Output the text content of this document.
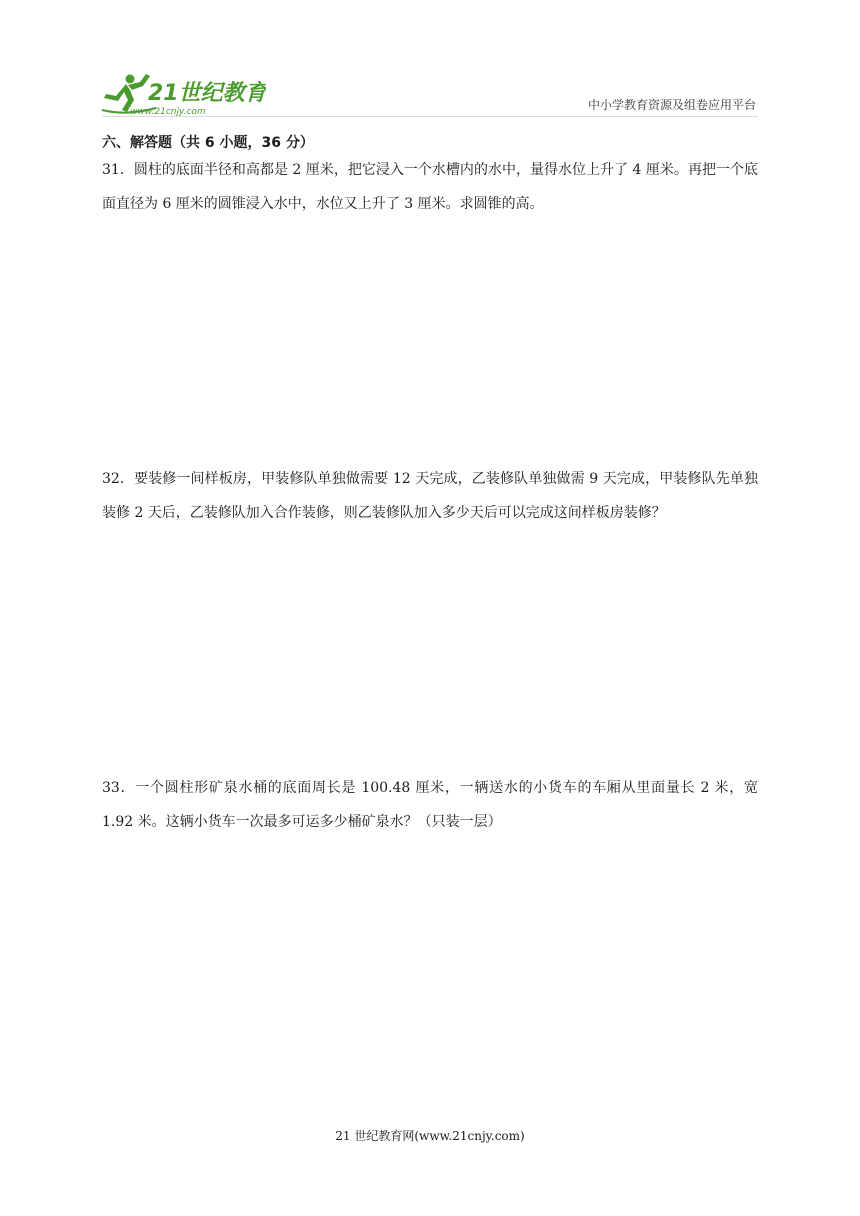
21世纪教育
www.21cnjy.com	中小学教育资源及组卷应用平台
六、解答题（共 6 小题，36 分）
31．圆柱的底面半径和高都是 2 厘米，把它浸入一个水槽内的水中，量得水位上升了 4 厘米。再把一个底面直径为 6 厘米的圆锥浸入水中，水位又上升了 3 厘米。求圆锥的高。
32．要装修一间样板房，甲装修队单独做需要 12 天完成，乙装修队单独做需 9 天完成，甲装修队先单独装修 2 天后，乙装修队加入合作装修，则乙装修队加入多少天后可以完成这间样板房装修？
33．一个圆柱形矿泉水桶的底面周长是 100.48 厘米，一辆送水的小货车的车厢从里面量长 2 米，宽 1.92 米。这辆小货车一次最多可运多少桶矿泉水？（只装一层）
21 世纪教育网(www.21cnjy.com)
